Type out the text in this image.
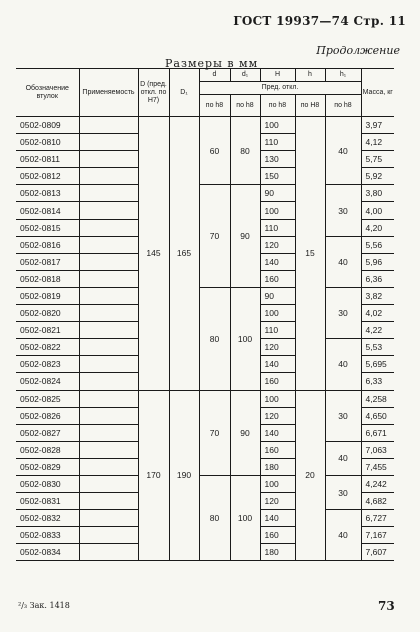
ГОСТ 19937—74 Стр. 11
Продолжение
Размеры в мм
Обозначение втулок	Применяемость	D (пред. откл. по H7)	D₁	d	d₁	H	h	h₁	Масса, кг
				Пред. откл.					
				по h8	по h8	по h8	по H8	по h8	
0502-0809		145	165	60	80	100	15	40	3,97
0502-0810						110			4,12
0502-0811						130			5,75
0502-0812						150			5,92
0502-0813				70	90	90		30	3,80
0502-0814						100			4,00
0502-0815						110			4,20
0502-0816						120		40	5,56
0502-0817						140			5,96
0502-0818						160			6,36
0502-0819				80	100	90		30	3,82
0502-0820						100			4,02
0502-0821						110			4,22
0502-0822						120		40	5,53
0502-0823						140			5,695
0502-0824						160			6,33
0502-0825		170	190	70	90	100	20	30	4,258
0502-0826						120			4,650
0502-0827						140			6,671
0502-0828						160		40	7,063
0502-0829						180			7,455
0502-0830				80	100	100		30	4,242
0502-0831						120			4,682
0502-0832						140		40	6,727
0502-0833						160			7,167
0502-0834						180			7,607
²/₃ Зак. 1418	73
